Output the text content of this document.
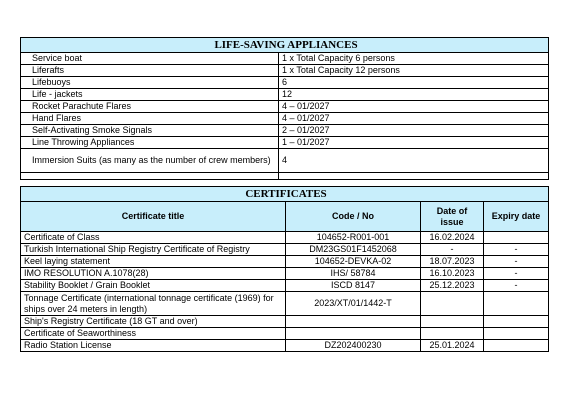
LIFE-SAVING APPLIANCES	
Service boat	1 x Total Capacity 6 persons
Liferafts	1 x Total Capacity 12 persons
Lifebuoys	6
Life - jackets	12
Rocket Parachute Flares	4 – 01/2027
Hand Flares	4 – 01/2027
Self-Activating Smoke Signals	2 – 01/2027
Line Throwing Appliances	1 – 01/2027
Immersion Suits (as many as the number of crew members)	4

CERTIFICATES			
Certificate title	Code / No	Date of issue	Expiry date
Certificate of Class	104652-R001-001	16.02.2024	
Turkish International Ship Registry Certificate of Registry	DM23GS01F1452068	-	-
Keel laying statement	104652-DEVKA-02	18.07.2023	-
IMO RESOLUTION A.1078(28)	IHS/ 58784	16.10.2023	-
Stability Booklet / Grain Booklet	ISCD 8147	25.12.2023	-
Tonnage Certificate (international tonnage certificate (1969) for ships over 24 meters in length)	2023/XT/01/1442-T		
Ship's Registry Certificate (18 GT and over)			
Certificate of Seaworthiness			
Radio Station License	DZ202400230	25.01.2024	
